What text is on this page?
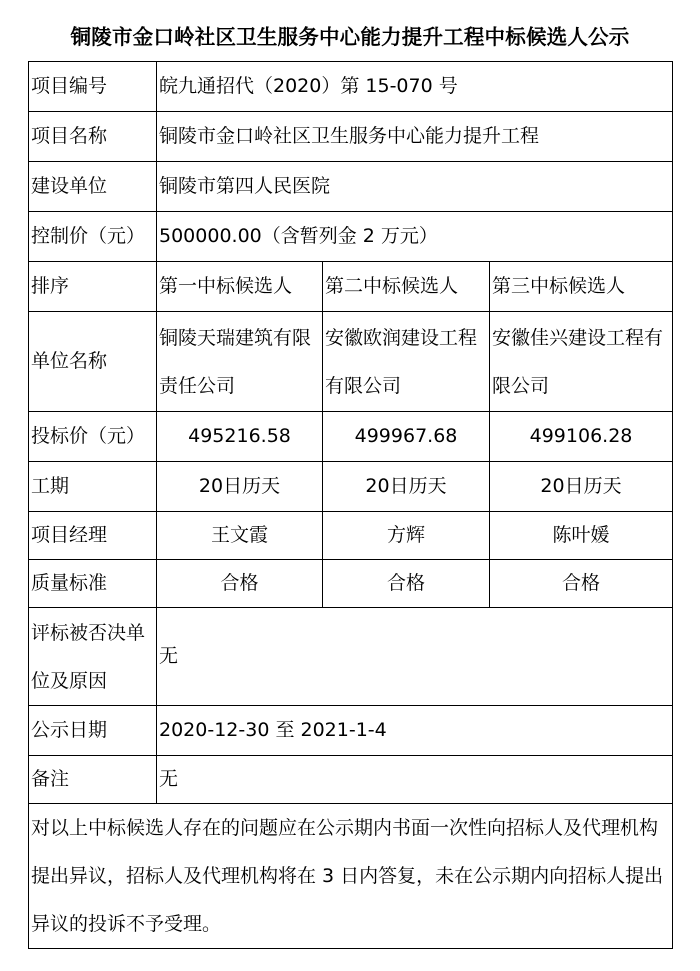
铜陵市金口岭社区卫生服务中心能力提升工程中标候选人公示
项目编号	皖九通招代（2020）第 15-070 号		
项目名称	铜陵市金口岭社区卫生服务中心能力提升工程		
建设单位	铜陵市第四人民医院		
控制价（元）	500000.00（含暂列金 2 万元）		
排序	第一中标候选人	第二中标候选人	第三中标候选人
单位名称	铜陵天瑞建筑有限责任公司	安徽欧润建设工程有限公司	安徽佳兴建设工程有限公司
投标价（元）	495216.58	499967.68	499106.28
工期	20日历天	20日历天	20日历天
项目经理	王文霞	方辉	陈叶媛
质量标准	合格	合格	合格
评标被否决单位及原因	无		
公示日期	2020-12-30 至 2021-1-4		
备注	无		
对以上中标候选人存在的问题应在公示期内书面一次性向招标人及代理机构提出异议，招标人及代理机构将在 3 日内答复，未在公示期内向招标人提出异议的投诉不予受理。			
